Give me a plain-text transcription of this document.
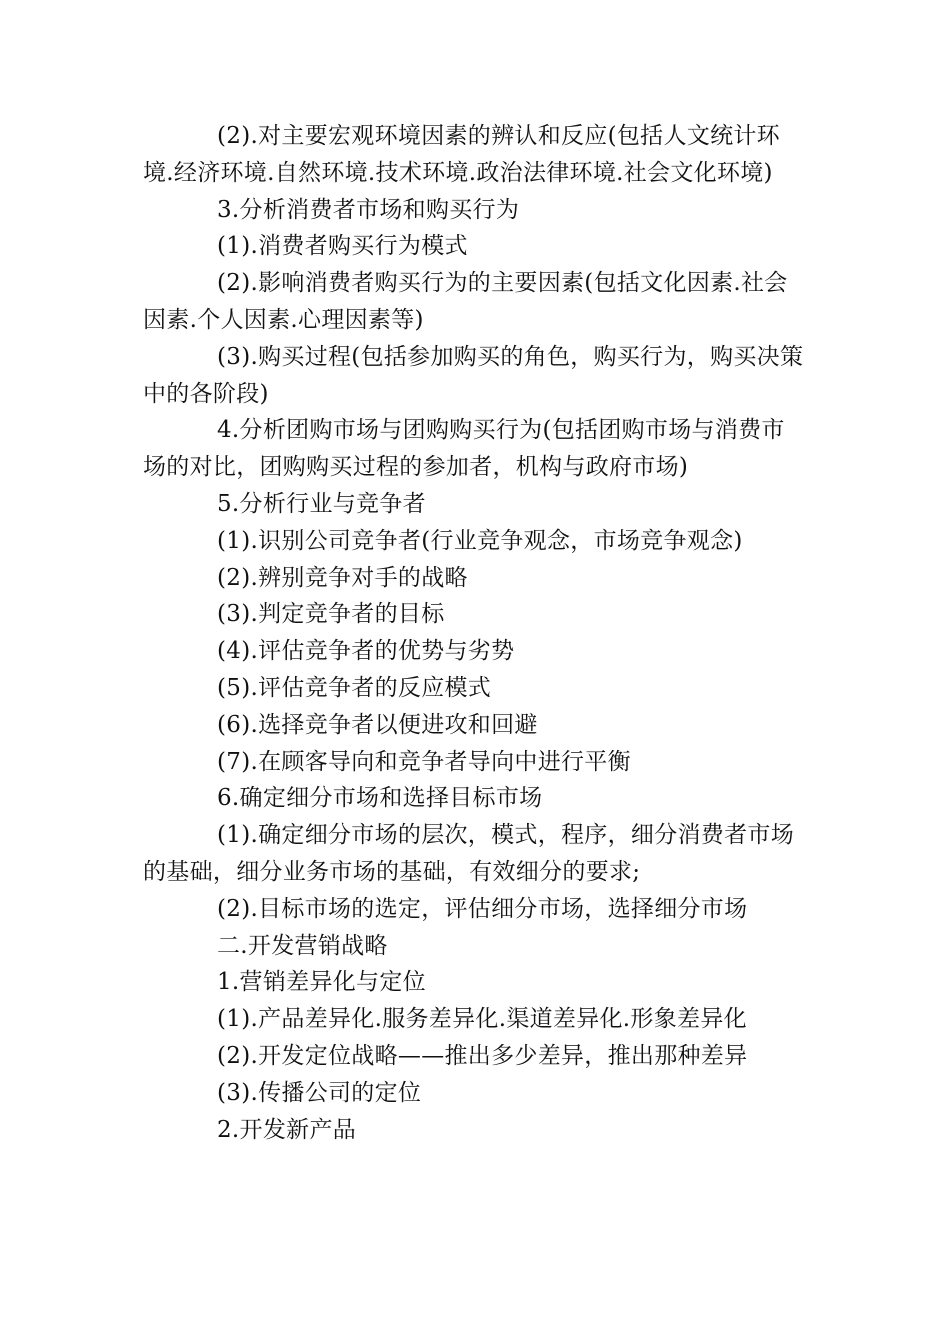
(2).对主要宏观环境因素的辨认和反应(包括人文统计环境.经济环境.自然环境.技术环境.政治法律环境.社会文化环境)

3.分析消费者市场和购买行为

(1).消费者购买行为模式

(2).影响消费者购买行为的主要因素(包括文化因素.社会因素.个人因素.心理因素等)

(3).购买过程(包括参加购买的角色，购买行为，购买决策中的各阶段)

4.分析团购市场与团购购买行为(包括团购市场与消费市场的对比，团购购买过程的参加者，机构与政府市场)

5.分析行业与竞争者

(1).识别公司竞争者(行业竞争观念，市场竞争观念)

(2).辨别竞争对手的战略

(3).判定竞争者的目标

(4).评估竞争者的优势与劣势

(5).评估竞争者的反应模式

(6).选择竞争者以便进攻和回避

(7).在顾客导向和竞争者导向中进行平衡

6.确定细分市场和选择目标市场

(1).确定细分市场的层次，模式，程序，细分消费者市场的基础，细分业务市场的基础，有效细分的要求;

(2).目标市场的选定，评估细分市场，选择细分市场

二.开发营销战略

1.营销差异化与定位

(1).产品差异化.服务差异化.渠道差异化.形象差异化

(2).开发定位战略——推出多少差异，推出那种差异

(3).传播公司的定位

2.开发新产品
